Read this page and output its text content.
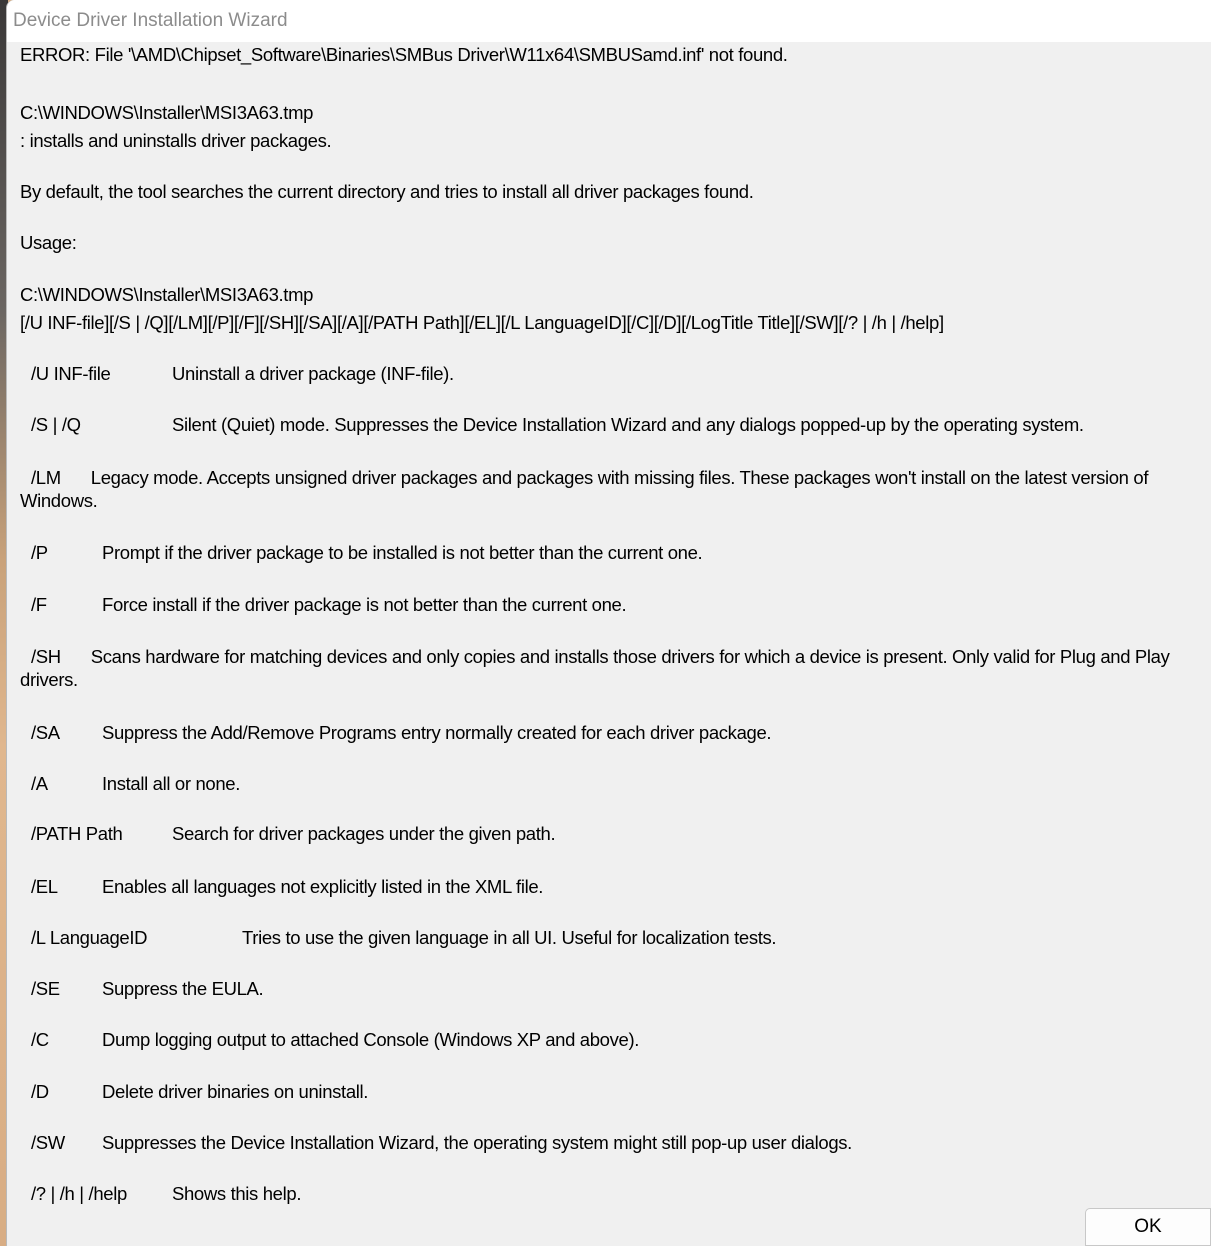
Device Driver Installation Wizard
ERROR: File '\AMD\Chipset_Software\Binaries\SMBus Driver\W11x64\SMBUSamd.inf' not found.
C:\WINDOWS\Installer\MSI3A63.tmp
: installs and uninstalls driver packages.
By default, the tool searches the current directory and tries to install all driver packages found.
Usage:
C:\WINDOWS\Installer\MSI3A63.tmp
[/U INF-file][/S | /Q][/LM][/P][/F][/SH][/SA][/A][/PATH Path][/EL][/L LanguageID][/C][/D][/LogTitle Title][/SW][/? | /h | /help]
/U INF-file	Uninstall a driver package (INF-file).
/S | /Q	Silent (Quiet) mode. Suppresses the Device Installation Wizard and any dialogs popped-up by the operating system.
/LM Legacy mode. Accepts unsigned driver packages and packages with missing files. These packages won't install on the latest version of Windows.
/P	Prompt if the driver package to be installed is not better than the current one.
/F	Force install if the driver package is not better than the current one.
/SH Scans hardware for matching devices and only copies and installs those drivers for which a device is present. Only valid for Plug and Play drivers.
/SA Suppress the Add/Remove Programs entry normally created for each driver package.
/A	Install all or none.
/PATH Path	Search for driver packages under the given path.
/EL Enables all languages not explicitly listed in the XML file.
/L LanguageID	Tries to use the given language in all UI. Useful for localization tests.
/SE Suppress the EULA.
/C	Dump logging output to attached Console (Windows XP and above).
/D	Delete driver binaries on uninstall.
/SW Suppresses the Device Installation Wizard, the operating system might still pop-up user dialogs.
/? | /h | /help Shows this help.
OK
